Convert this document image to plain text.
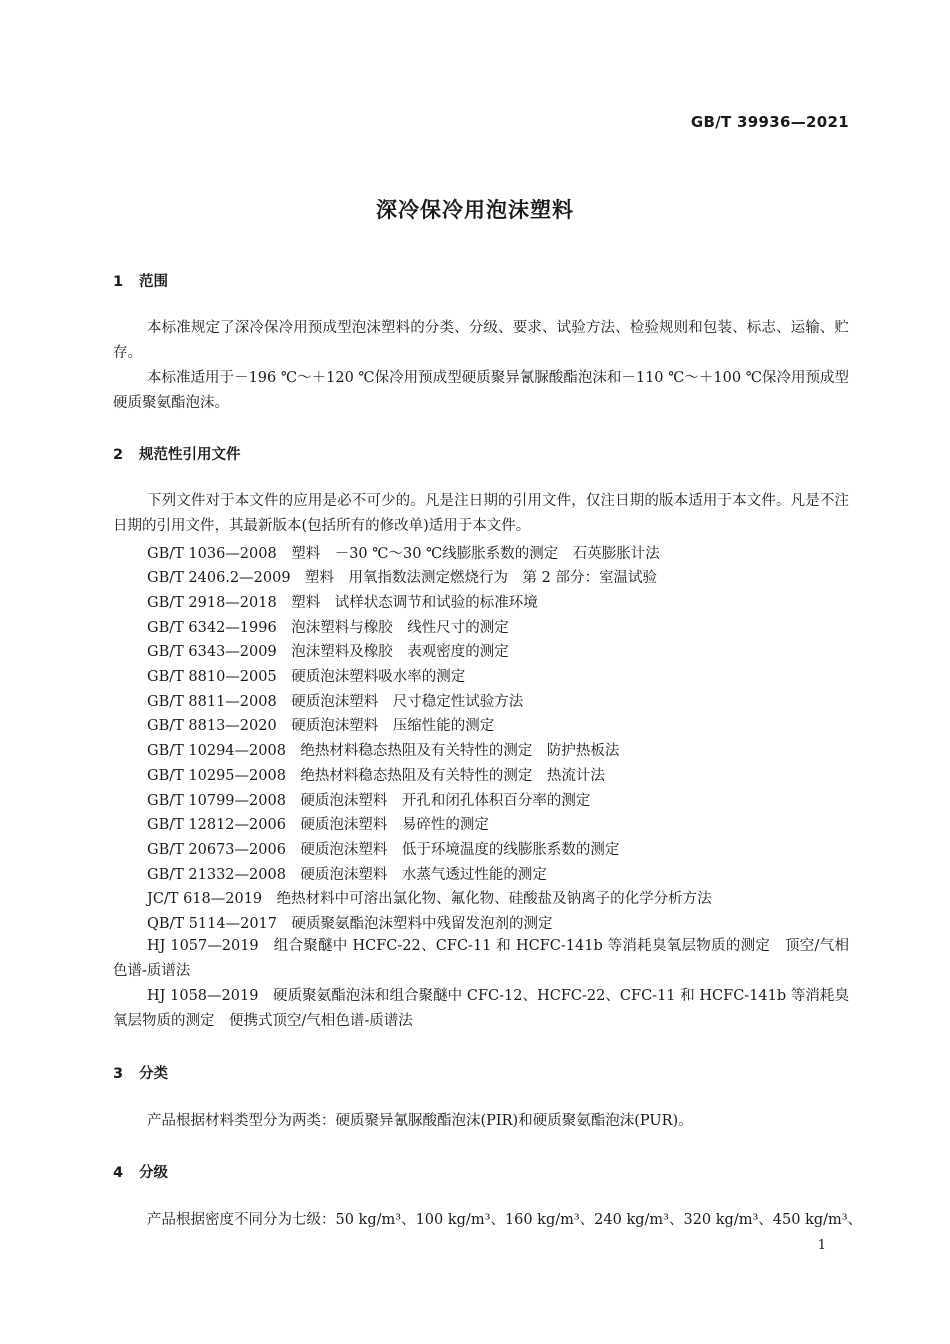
GB/T 39936—2021
深冷保冷用泡沫塑料
1 范围

本标准规定了深冷保冷用预成型泡沫塑料的分类、分级、要求、试验方法、检验规则和包装、标志、运输、贮存。

本标准适用于－196 ℃～＋120 ℃保冷用预成型硬质聚异氰脲酸酯泡沫和－110 ℃～＋100 ℃保冷用预成型硬质聚氨酯泡沫。

2 规范性引用文件

下列文件对于本文件的应用是必不可少的。凡是注日期的引用文件，仅注日期的版本适用于本文件。凡是不注日期的引用文件，其最新版本(包括所有的修改单)适用于本文件。

GB/T 1036—2008　塑料　－30 ℃～30 ℃线膨胀系数的测定　石英膨胀计法
GB/T 2406.2—2009　塑料　用氧指数法测定燃烧行为　第 2 部分：室温试验
GB/T 2918—2018　塑料　试样状态调节和试验的标准环境
GB/T 6342—1996　泡沫塑料与橡胶　线性尺寸的测定
GB/T 6343—2009　泡沫塑料及橡胶　表观密度的测定
GB/T 8810—2005　硬质泡沫塑料吸水率的测定
GB/T 8811—2008　硬质泡沫塑料　尺寸稳定性试验方法
GB/T 8813—2020　硬质泡沫塑料　压缩性能的测定
GB/T 10294—2008　绝热材料稳态热阻及有关特性的测定　防护热板法
GB/T 10295—2008　绝热材料稳态热阻及有关特性的测定　热流计法
GB/T 10799—2008　硬质泡沫塑料　开孔和闭孔体积百分率的测定
GB/T 12812—2006　硬质泡沫塑料　易碎性的测定
GB/T 20673—2006　硬质泡沫塑料　低于环境温度的线膨胀系数的测定
GB/T 21332—2008　硬质泡沫塑料　水蒸气透过性能的测定
JC/T 618—2019　绝热材料中可溶出氯化物、氟化物、硅酸盐及钠离子的化学分析方法
QB/T 5114—2017　硬质聚氨酯泡沫塑料中残留发泡剂的测定

HJ 1057—2019　组合聚醚中 HCFC-22、CFC-11 和 HCFC-141b 等消耗臭氧层物质的测定　顶空/气相色谱-质谱法

HJ 1058—2019　硬质聚氨酯泡沫和组合聚醚中 CFC-12、HCFC-22、CFC-11 和 HCFC-141b 等消耗臭氧层物质的测定　便携式顶空/气相色谱-质谱法

3 分类

产品根据材料类型分为两类：硬质聚异氰脲酸酯泡沫(PIR)和硬质聚氨酯泡沫(PUR)。

4 分级

产品根据密度不同分为七级：50 kg/m³、100 kg/m³、160 kg/m³、240 kg/m³、320 kg/m³、450 kg/m³、

1
